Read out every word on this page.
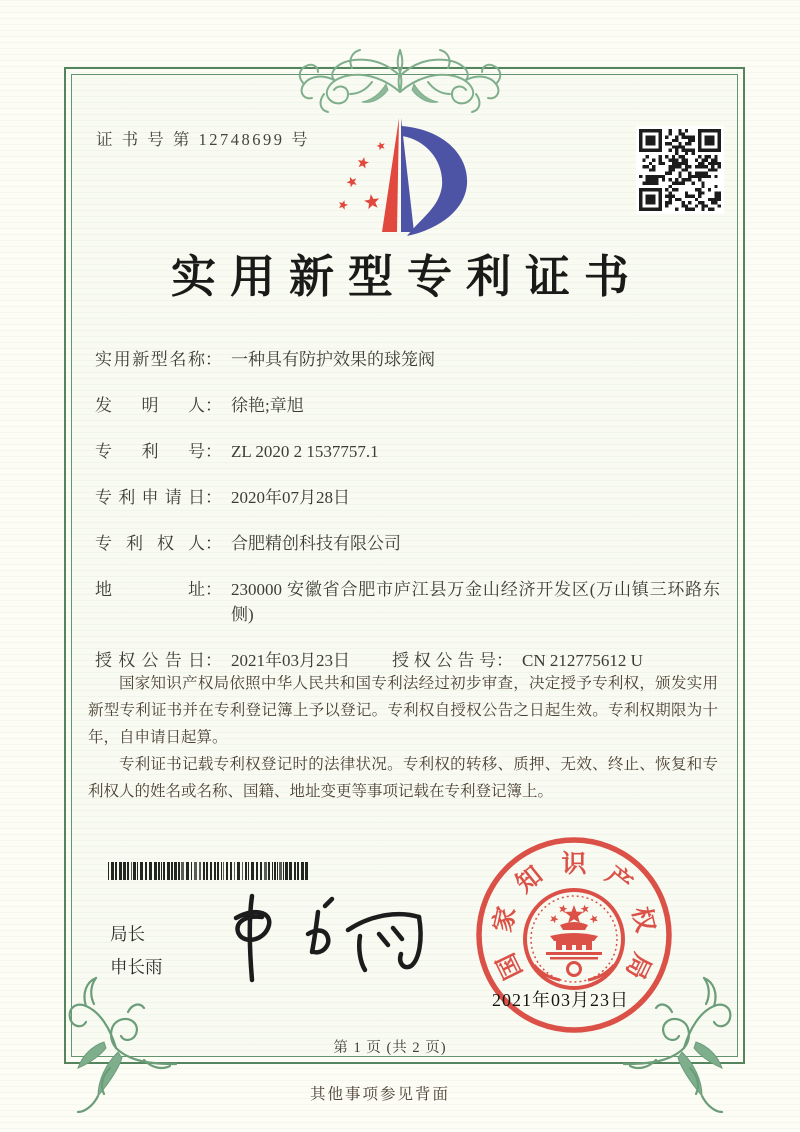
证 书 号 第 12748699 号
实用新型专利证书
实用新型名称 ： 一种具有防护效果的球笼阀
发明人 ： 徐艳;章旭
专利号 ： ZL 2020 2 1537757.1
专利申请日 ： 2020年07月28日
专利权人 ： 合肥精创科技有限公司
地址 ： 230000 安徽省合肥市庐江县万金山经济开发区(万山镇三环路东侧)
授权公告日 ： 2021年03月23日 授权公告号 ： CN 212775612 U

国家知识产权局依照中华人民共和国专利法经过初步审查，决定授予专利权，颁发实用新型专利证书并在专利登记簿上予以登记。专利权自授权公告之日起生效。专利权期限为十年，自申请日起算。

专利证书记载专利权登记时的法律状况。专利权的转移、质押、无效、终止、恢复和专利权人的姓名或名称、国籍、地址变更等事项记载在专利登记簿上。

局长
申长雨	国
家
知 识 产
权
局
2021年03月23日
第 1 页 (共 2 页)
其他事项参见背面
